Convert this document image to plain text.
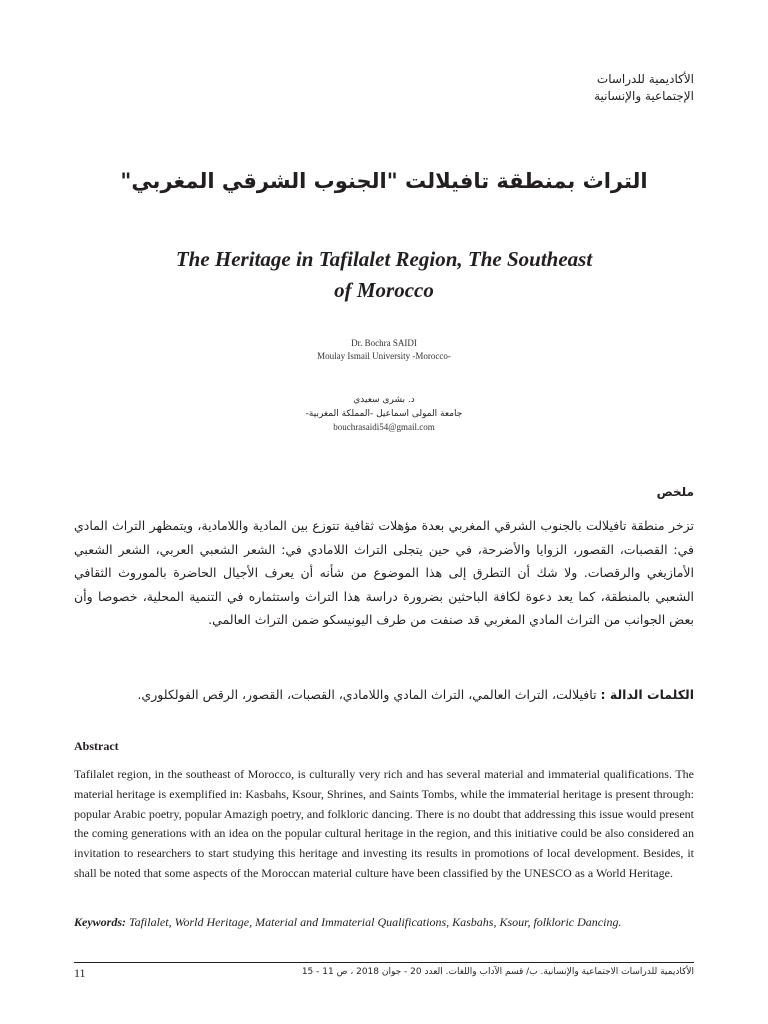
الأكاديمية للدراسات
الإجتماعية والإنسانية
التراث بمنطقة تافيلالت "الجنوب الشرقي المغربي"
The Heritage in Tafilalet Region, The Southeast
of Morocco
Dr. Bochra SAIDI
Moulay Ismail University -Morocco-
د. بشرى سعيدي
جامعة المولى اسماعيل -المملكة المغربية-
bouchrasaidi54@gmail.com
ملخص
تزخر منطقة تافيلالت بالجنوب الشرقي المغربي بعدة مؤهلات ثقافية تتوزع بين المادية واللامادية، ويتمظهر التراث المادي في: القصبات، القصور، الزوايا والأضرحة، في حين يتجلى التراث اللامادي في: الشعر الشعبي العربي، الشعر الشعبي الأمازيغي والرقصات. ولا شك أن التطرق إلى هذا الموضوع من شأنه أن يعرف الأجيال الحاضرة بالموروث الثقافي الشعبي بالمنطقة، كما يعد دعوة لكافة الباحثين بضرورة دراسة هذا التراث واستثماره في التنمية المحلية، خصوصا وأن بعض الجوانب من التراث المادي المغربي قد صنفت من طرف اليونيسكو ضمن التراث العالمي.
الكلمات الدالة : تافيلالت، التراث العالمي، التراث المادي واللامادي، القصبات، القصور، الرقص الفولكلوري.
Abstract
Tafilalet region, in the southeast of Morocco, is culturally very rich and has several material and immaterial qualifications. The material heritage is exemplified in: Kasbahs, Ksour, Shrines, and Saints Tombs, while the immaterial heritage is present through: popular Arabic poetry, popular Amazigh poetry, and folkloric dancing. There is no doubt that addressing this issue would present the coming generations with an idea on the popular cultural heritage in the region, and this initiative could be also considered an invitation to researchers to start studying this heritage and investing its results in promotions of local development. Besides, it shall be noted that some aspects of the Moroccan material culture have been classified by the UNESCO as a World Heritage.
Keywords: Tafilalet, World Heritage, Material and Immaterial Qualifications, Kasbahs, Ksour, folkloric Dancing.
11	الأكاديمية للدراسات الاجتماعية والإنسانية. ب/ قسم الآداب واللغات. العدد 20 - جوان 2018 ، ص 11 - 15
